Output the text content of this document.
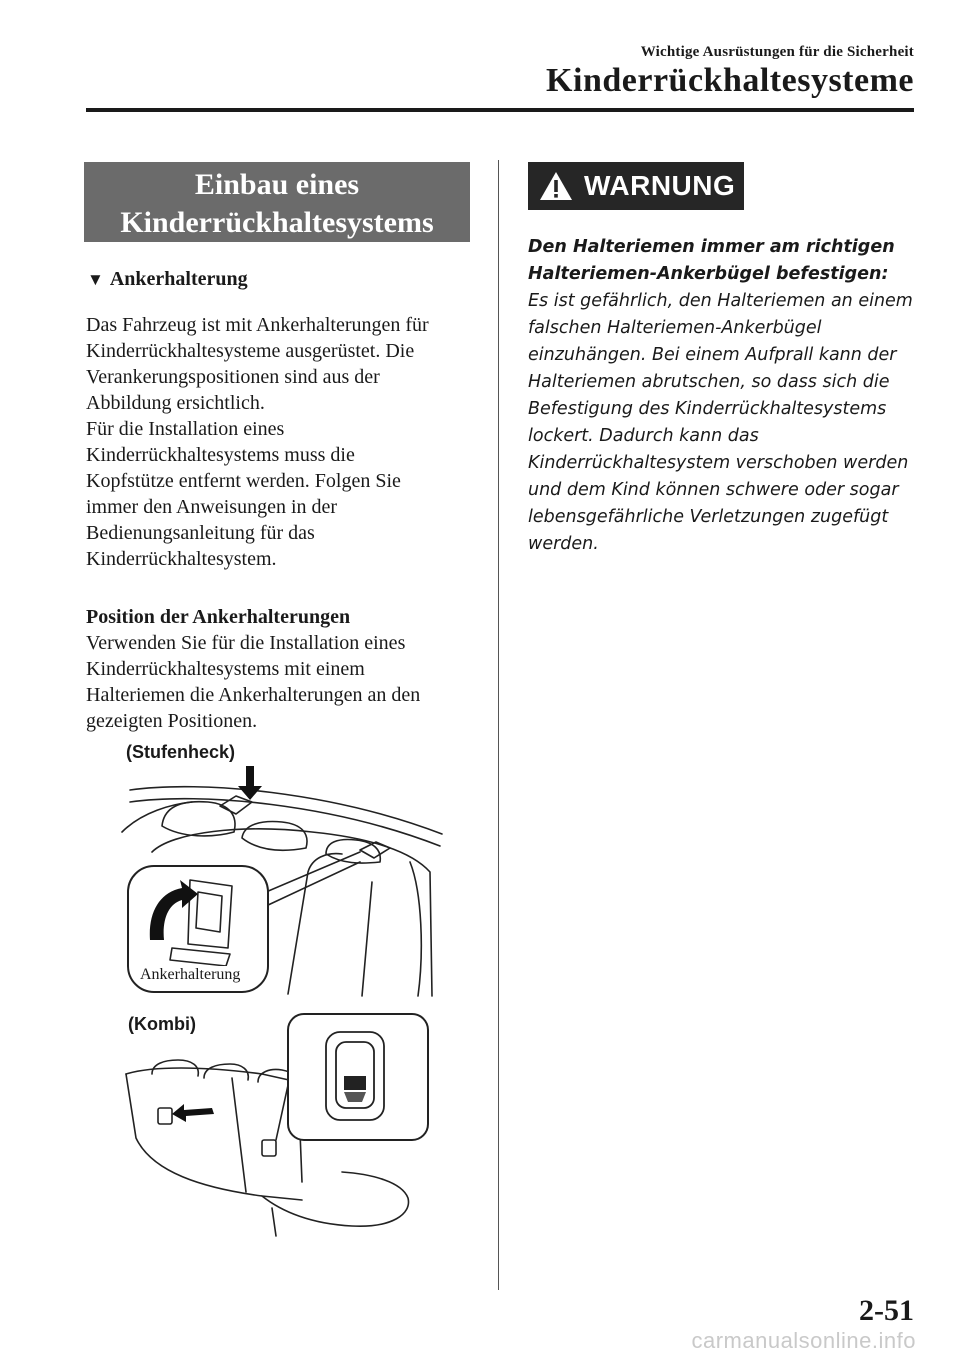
Wichtige Ausrüstungen für die Sicherheit
Kinderrückhaltesysteme
Einbau eines
Kinderrückhaltesystems
▼ Ankerhalterung
Das Fahrzeug ist mit Ankerhalterungen für
Kinderrückhaltesysteme ausgerüstet. Die
Verankerungspositionen sind aus der
Abbildung ersichtlich.
Für die Installation eines
Kinderrückhaltesystems muss die
Kopfstütze entfernt werden. Folgen Sie
immer den Anweisungen in der
Bedienungsanleitung für das
Kinderrückhaltesystem.
Position der Ankerhalterungen
Verwenden Sie für die Installation eines
Kinderrückhaltesystems mit einem
Halteriemen die Ankerhalterungen an den
gezeigten Positionen.
(Stufenheck)
Ankerhalterung
(Kombi)
WARNUNG
Den Halteriemen immer am richtigen
Halteriemen-Ankerbügel befestigen:
Es ist gefährlich, den Halteriemen an einem
falschen Halteriemen-Ankerbügel
einzuhängen. Bei einem Aufprall kann der
Halteriemen abrutschen, so dass sich die
Befestigung des Kinderrückhaltesystems
lockert. Dadurch kann das
Kinderrückhaltesystem verschoben werden
und dem Kind können schwere oder sogar
lebensgefährliche Verletzungen zugefügt
werden.
2-51
carmanualsonline.info
